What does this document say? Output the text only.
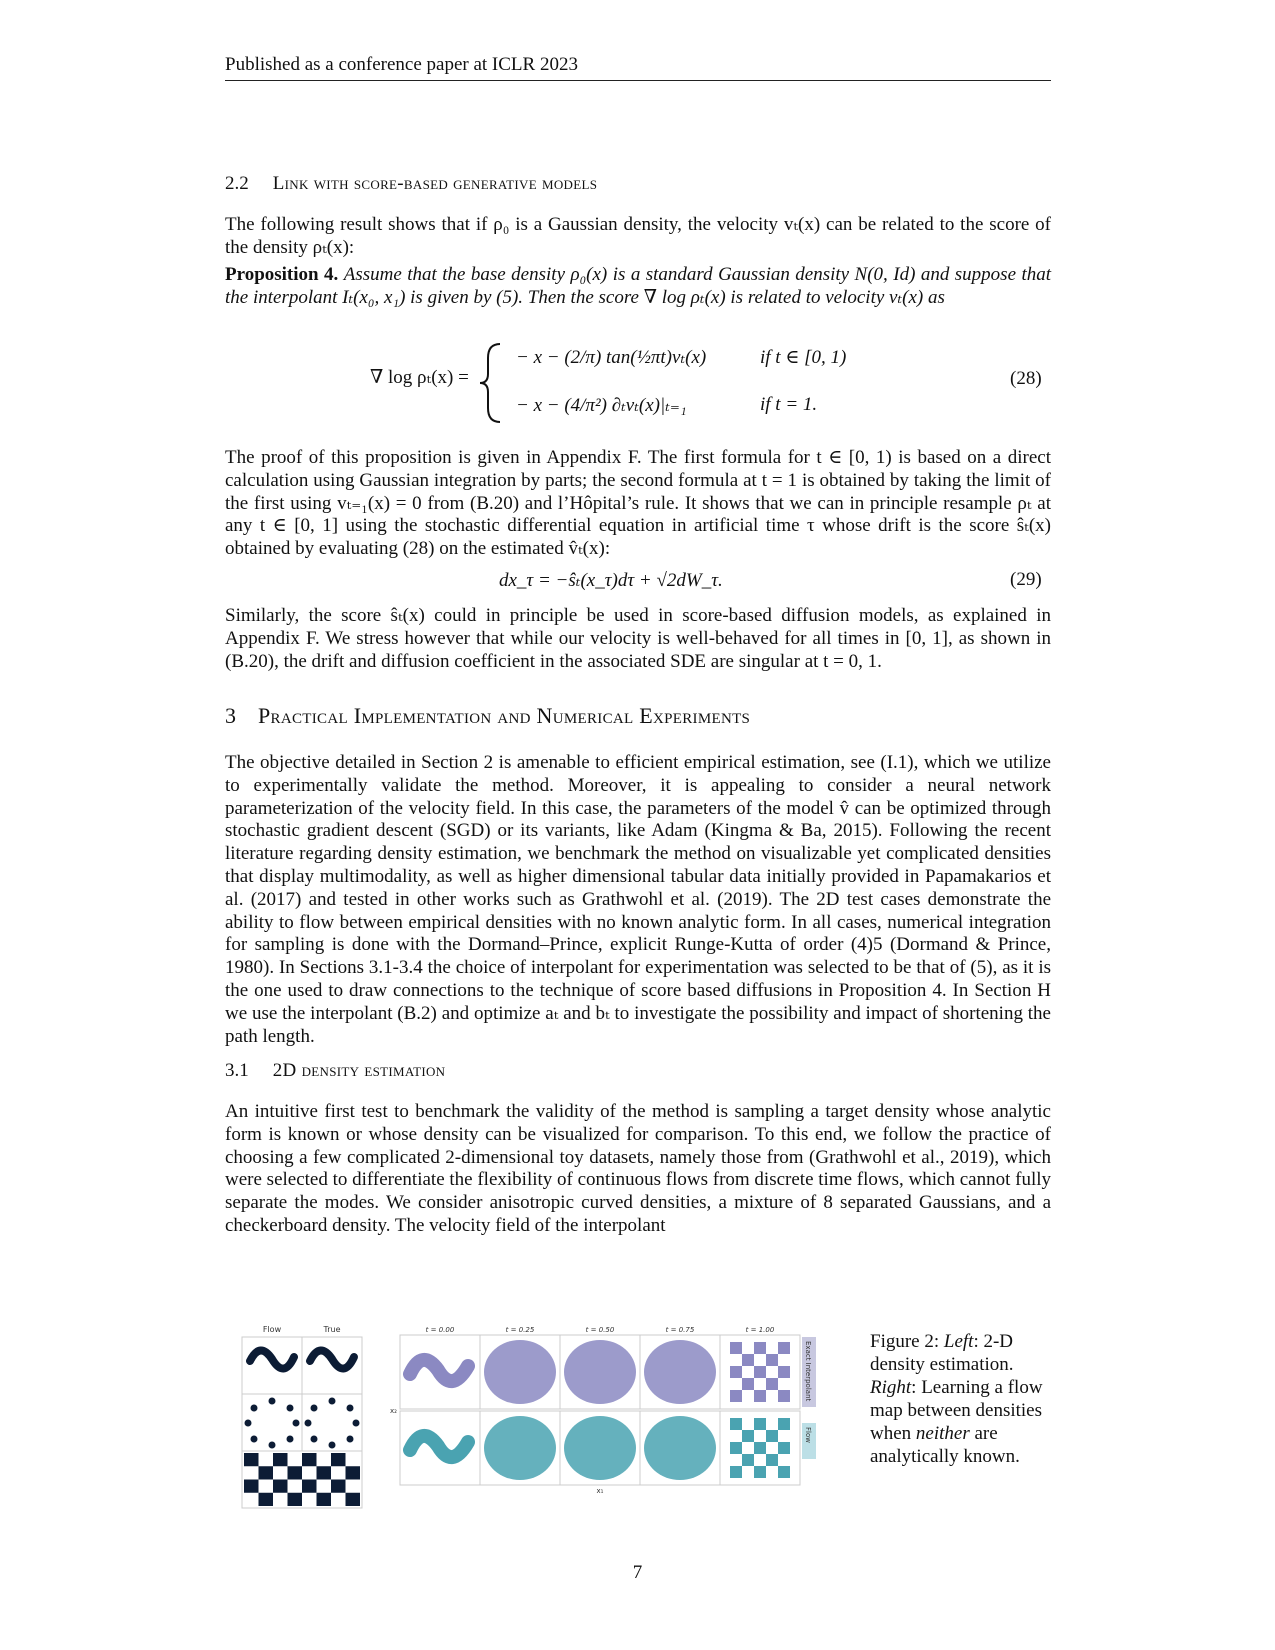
Published as a conference paper at ICLR 2023
2.2 Link with score-based generative models
The following result shows that if ρ₀ is a Gaussian density, the velocity vₜ(x) can be related to the score of the density ρₜ(x):
Proposition 4. Assume that the base density ρ₀(x) is a standard Gaussian density N(0, Id) and suppose that the interpolant Iₜ(x₀, x₁) is given by (5). Then the score ∇ log ρₜ(x) is related to velocity vₜ(x) as
∇ log ρₜ(x) =
− x − (2/π) tan(½πt)vₜ(x)	if t ∈ [0, 1)
− x − (4/π²) ∂ₜvₜ(x)|ₜ₌₁	if t = 1.
(28)
The proof of this proposition is given in Appendix F. The first formula for t ∈ [0, 1) is based on a direct calculation using Gaussian integration by parts; the second formula at t = 1 is obtained by taking the limit of the first using vₜ₌₁(x) = 0 from (B.20) and l’Hôpital’s rule. It shows that we can in principle resample ρₜ at any t ∈ [0, 1] using the stochastic differential equation in artificial time τ whose drift is the score ŝₜ(x) obtained by evaluating (28) on the estimated v̂ₜ(x):
dx_τ = −ŝₜ(x_τ)dτ + √2dW_τ.	(29)
Similarly, the score ŝₜ(x) could in principle be used in score-based diffusion models, as explained in Appendix F. We stress however that while our velocity is well-behaved for all times in [0, 1], as shown in (B.20), the drift and diffusion coefficient in the associated SDE are singular at t = 0, 1.
3 Practical Implementation and Numerical Experiments
The objective detailed in Section 2 is amenable to efficient empirical estimation, see (I.1), which we utilize to experimentally validate the method. Moreover, it is appealing to consider a neural network parameterization of the velocity field. In this case, the parameters of the model v̂ can be optimized through stochastic gradient descent (SGD) or its variants, like Adam (Kingma & Ba, 2015). Following the recent literature regarding density estimation, we benchmark the method on visualizable yet complicated densities that display multimodality, as well as higher dimensional tabular data initially provided in Papamakarios et al. (2017) and tested in other works such as Grathwohl et al. (2019). The 2D test cases demonstrate the ability to flow between empirical densities with no known analytic form. In all cases, numerical integration for sampling is done with the Dormand–Prince, explicit Runge-Kutta of order (4)5 (Dormand & Prince, 1980). In Sections 3.1-3.4 the choice of interpolant for experimentation was selected to be that of (5), as it is the one used to draw connections to the technique of score based diffusions in Proposition 4. In Section H we use the interpolant (B.2) and optimize aₜ and bₜ to investigate the possibility and impact of shortening the path length.
3.1 2D density estimation
An intuitive first test to benchmark the validity of the method is sampling a target density whose analytic form is known or whose density can be visualized for comparison. To this end, we follow the practice of choosing a few complicated 2-dimensional toy datasets, namely those from (Grathwohl et al., 2019), which were selected to differentiate the flexibility of continuous flows from discrete time flows, which cannot fully separate the modes. We consider anisotropic curved densities, a mixture of 8 separated Gaussians, and a checkerboard density. The velocity field of the interpolant
Flow	True	t = 0.00	t = 0.25	t = 0.50	t = 0.75	t = 1.00
x₂
x₁
Exact Interpolant
Flow
Figure 2: Left: 2-D density estimation. Right: Learning a flow map between densities when neither are analytically known.
7
